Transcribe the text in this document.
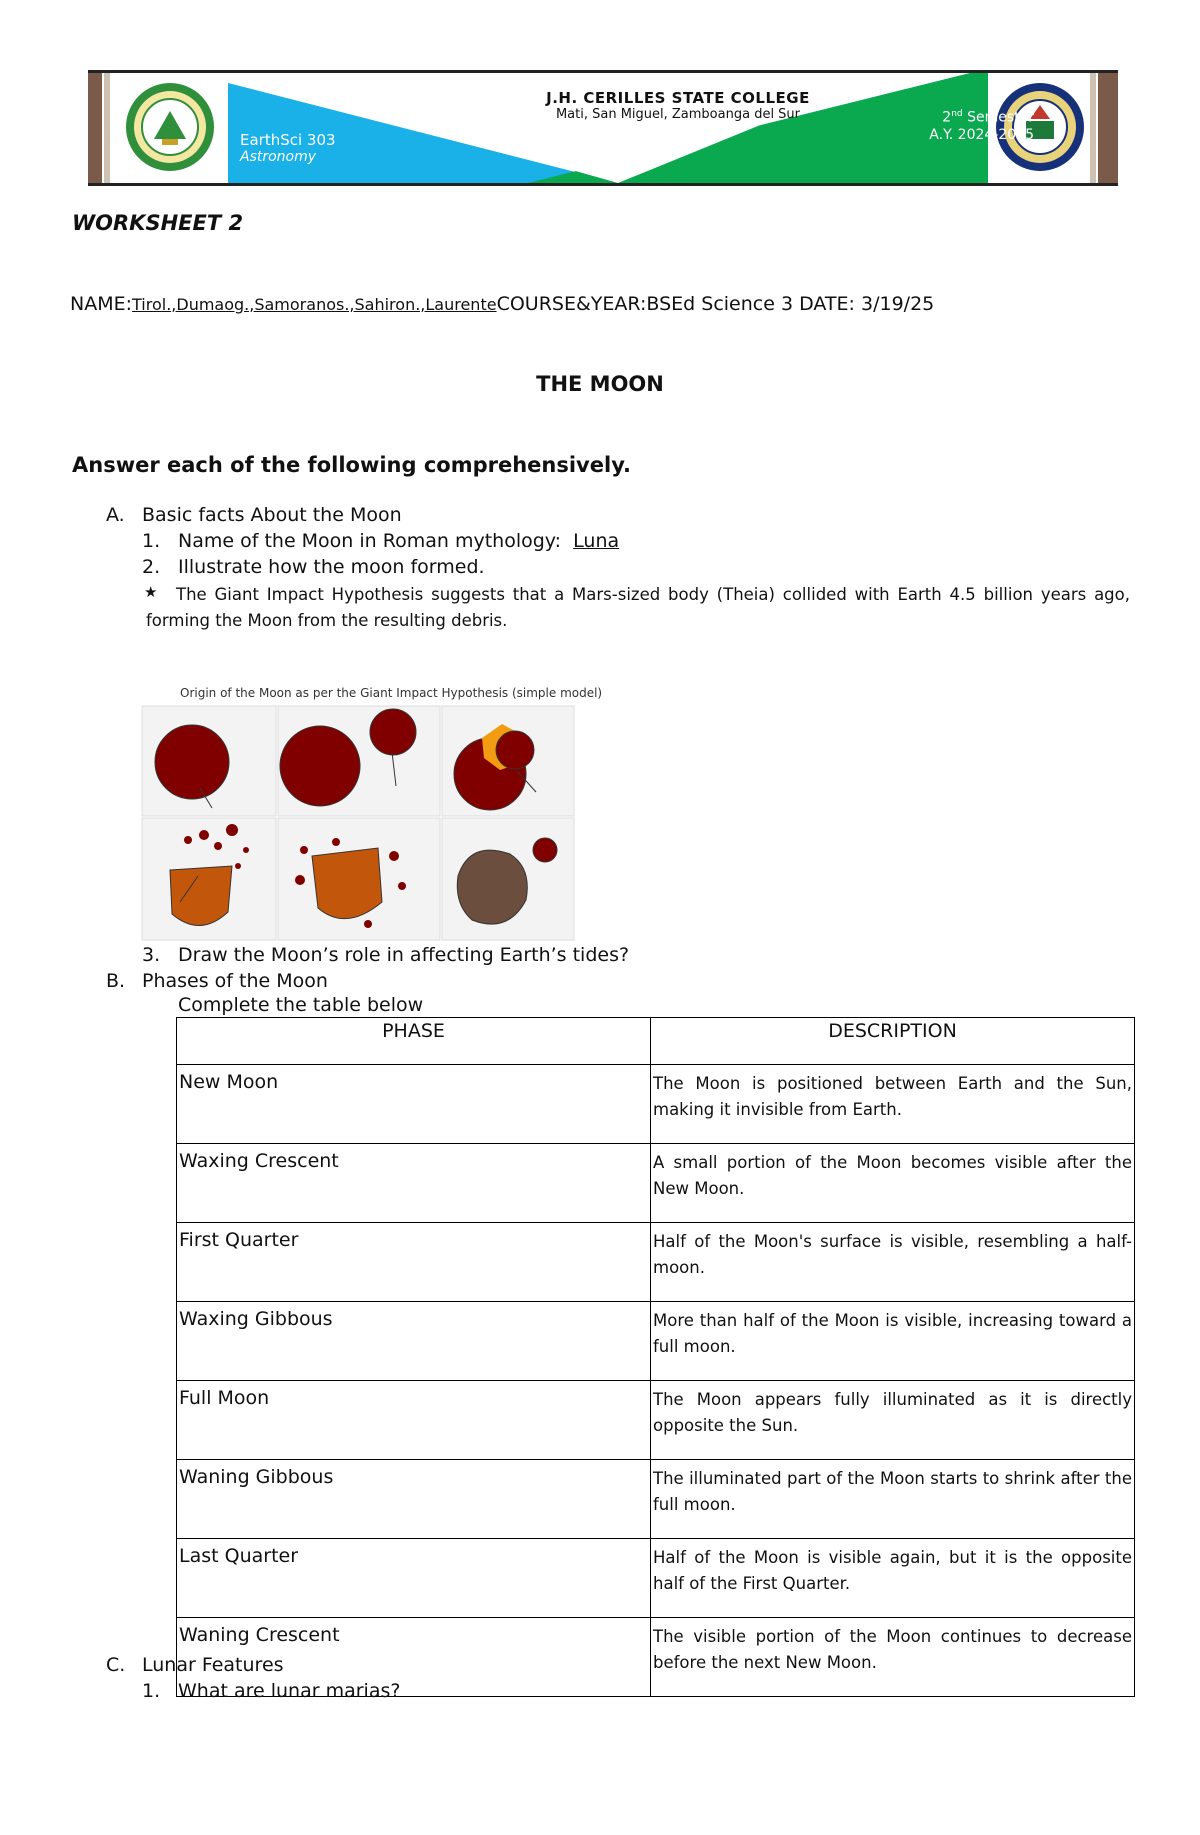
J.H. CERILLES STATE COLLEGE
Mati, San Miguel, Zamboanga del Sur
EarthSci 303
Astronomy
2nd Semester
A.Y. 2024-2025
WORKSHEET 2
NAME:Tirol.,Dumaog.,Samoranos.,Sahiron.,LaurenteCOURSE&YEAR:BSEd Science 3 DATE: 3/19/25
THE MOON
Answer each of the following comprehensively.
A. Basic facts About the Moon
1. Name of the Moon in Roman mythology: Luna
2. Illustrate how the moon formed.
★	The Giant Impact Hypothesis suggests that a Mars-sized body (Theia) collided with Earth 4.5 billion years ago, forming the Moon from the resulting debris.
Origin of the Moon as per the Giant Impact Hypothesis (simple model)
3. Draw the Moon’s role in affecting Earth’s tides?
B. Phases of the Moon
Complete the table below
PHASE	DESCRIPTION
New Moon	The Moon is positioned between Earth and the Sun, making it invisible from Earth.
Waxing Crescent	A small portion of the Moon becomes visible after the New Moon.
First Quarter	Half of the Moon's surface is visible, resembling a half-moon.
Waxing Gibbous	More than half of the Moon is visible, increasing toward a full moon.
Full Moon	The Moon appears fully illuminated as it is directly opposite the Sun.
Waning Gibbous	The illuminated part of the Moon starts to shrink after the full moon.
Last Quarter	Half of the Moon is visible again, but it is the opposite half of the First Quarter.
Waning Crescent	The visible portion of the Moon continues to decrease before the next New Moon.
C. Lunar Features
1. What are lunar marias?
